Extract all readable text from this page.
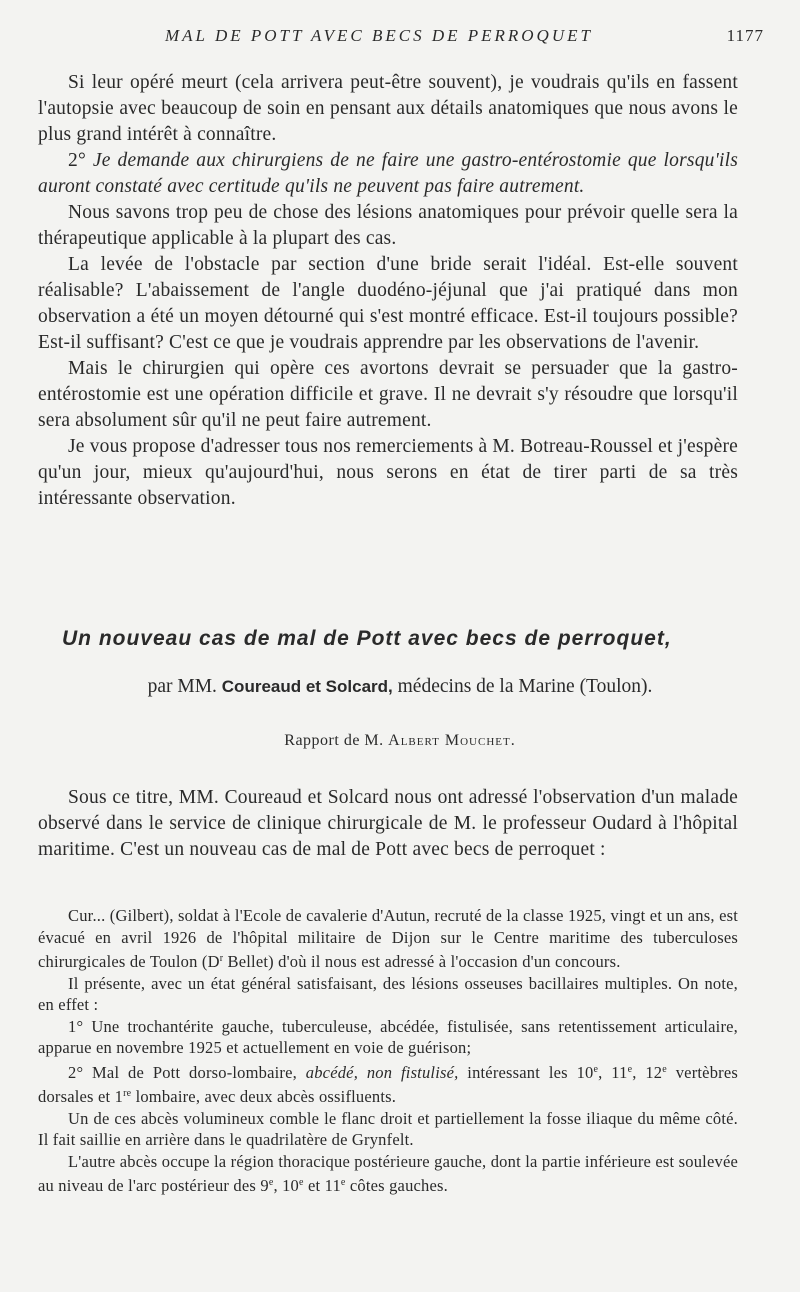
MAL DE POTT AVEC BECS DE PERROQUET	1177

Si leur opéré meurt (cela arrivera peut-être souvent), je voudrais qu'ils en fassent l'autopsie avec beaucoup de soin en pensant aux détails anatomiques que nous avons le plus grand intérêt à connaître.

2° Je demande aux chirurgiens de ne faire une gastro-entérostomie que lorsqu'ils auront constaté avec certitude qu'ils ne peuvent pas faire autrement.

Nous savons trop peu de chose des lésions anatomiques pour prévoir quelle sera la thérapeutique applicable à la plupart des cas.

La levée de l'obstacle par section d'une bride serait l'idéal. Est-elle souvent réalisable? L'abaissement de l'angle duodéno-jéjunal que j'ai pratiqué dans mon observation a été un moyen détourné qui s'est montré efficace. Est-il toujours possible? Est-il suffisant? C'est ce que je voudrais apprendre par les observations de l'avenir.

Mais le chirurgien qui opère ces avortons devrait se persuader que la gastro-entérostomie est une opération difficile et grave. Il ne devrait s'y résoudre que lorsqu'il sera absolument sûr qu'il ne peut faire autrement.

Je vous propose d'adresser tous nos remerciements à M. Botreau-Roussel et j'espère qu'un jour, mieux qu'aujourd'hui, nous serons en état de tirer parti de sa très intéressante observation.

Un nouveau cas de mal de Pott avec becs de perroquet,

par MM. Coureaud et Solcard, médecins de la Marine (Toulon).

Rapport de M. Albert Mouchet.

Sous ce titre, MM. Coureaud et Solcard nous ont adressé l'observation d'un malade observé dans le service de clinique chirurgicale de M. le professeur Oudard à l'hôpital maritime. C'est un nouveau cas de mal de Pott avec becs de perroquet :

Cur... (Gilbert), soldat à l'Ecole de cavalerie d'Autun, recruté de la classe 1925, vingt et un ans, est évacué en avril 1926 de l'hôpital militaire de Dijon sur le Centre maritime des tuberculoses chirurgicales de Toulon ($D^r$ Bellet) d'où il nous est adressé à l'occasion d'un concours.

Il présente, avec un état général satisfaisant, des lésions osseuses bacillaires multiples. On note, en effet :

1° Une trochantérite gauche, tuberculeuse, abcédée, fistulisée, sans retentissement articulaire, apparue en novembre 1925 et actuellement en voie de guérison;

2° Mal de Pott dorso-lombaire, abcédé, non fistulisé, intéressant les 10e, 11e, 12e vertèbres dorsales et 1re lombaire, avec deux abcès ossifluents.

Un de ces abcès volumineux comble le flanc droit et partiellement la fosse iliaque du même côté. Il fait saillie en arrière dans le quadrilatère de Grynfelt.

L'autre abcès occupe la région thoracique postérieure gauche, dont la partie inférieure est soulevée au niveau de l'arc postérieur des 9e, 10e et 11e côtes gauches.
